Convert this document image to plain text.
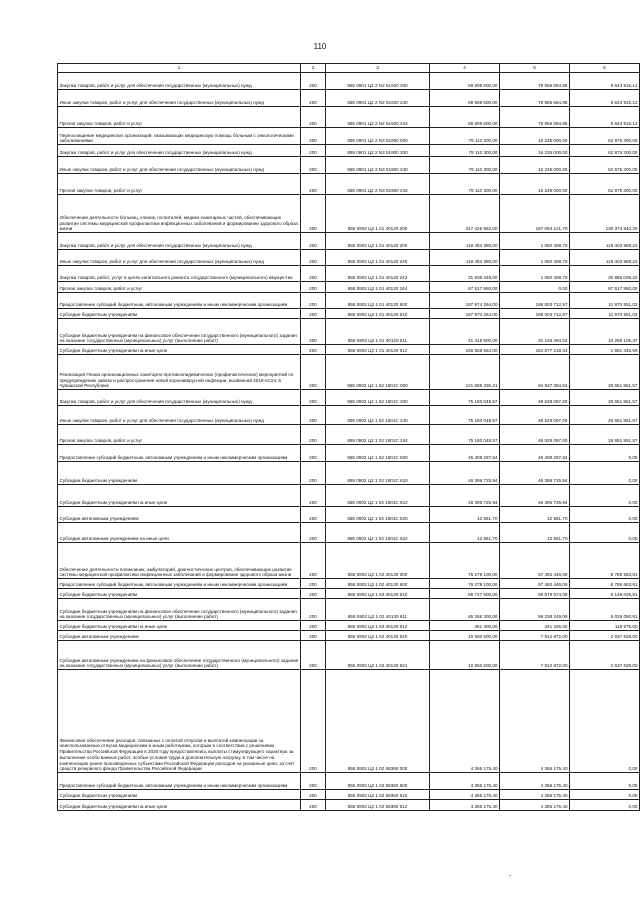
110
1	2	3	4	5	6
Закупка товаров, работ и услуг для обеспечения государственных (муниципальных) нужд	200	855 0901 Ц2 2 N2 51920 200	89 599 600,00	79 955 684,88	9 643 915,12
Иные закупки товаров, работ и услуг для обеспечения государственных (муниципальных) нужд	200	855 0901 Ц2 2 N2 51920 240	89 599 600,00	79 955 684,88	9 643 915,12
Прочая закупка товаров, работ и услуг	200	855 0901 Ц2 2 N2 51920 244	89 599 600,00	79 955 684,88	9 643 915,12
Переоснащение медицинских организаций, оказывающих медицинскую помощь больным с онкологическими заболеваниями	200	855 0901 Ц2 2 N3 51900 000	79 110 300,00	16 235 000,00	62 875 300,00
Закупка товаров, работ и услуг для обеспечения государственных (муниципальных) нужд	200	855 0901 Ц2 2 N3 51900 200	79 110 300,00	16 235 000,00	62 875 300,00
Иные закупки товаров, работ и услуг для обеспечения государственных (муниципальных) нужд	200	855 0901 Ц2 2 N3 51900 240	79 110 300,00	16 235 000,00	62 875 300,00
Прочая закупка товаров, работ и услуг	200	855 0901 Ц2 2 N3 51900 244	79 110 300,00	16 235 000,00	62 875 300,00
Обеспечение деятельности больниц, клиник, госпиталей, медико-санитарных частей, обеспечивающих развитие системы медицинской профилактики инфекционных заболеваний и формирование здорового образа жизни	200	855 0902 Ц2 1 01 40120 000	317 425 662,00	187 054 121,75	130 374 540,25
Закупка товаров, работ и услуг для обеспечения государственных (муниципальных) нужд	200	855 0902 Ц2 1 01 40120 200	119 454 398,00	1 050 408,78	118 403 989,22
Иные закупки товаров, работ и услуг для обеспечения государственных (муниципальных) нужд	200	855 0902 Ц2 1 01 40120 240	119 454 398,00	1 050 408,78	118 403 989,22
Закупка товаров, работ, услуг в целях капитального ремонта государственного (муниципального) имущества	200	855 0902 Ц2 1 01 40120 243	31 936 448,00	1 050 408,78	30 886 039,22
Прочая закупка товаров, работ и услуг	200	855 0902 Ц2 1 01 40120 244	87 517 950,00	0,00	87 517 950,00
Предоставление субсидий бюджетным, автономным учреждениям и иным некоммерческим организациям	200	855 0902 Ц2 1 01 40120 600	197 974 264,00	186 003 712,97	11 970 551,03
Субсидии бюджетным учреждениям	200	855 0902 Ц2 1 01 40120 610	197 974 264,00	186 003 712,97	11 970 551,03
Субсидии бюджетным учреждениям на финансовое обеспечение государственного (муниципального) задания на оказание государственных (муниципальных) услуг (выполнение работ)	200	855 0902 Ц2 1 01 40120 611	41 415 600,00	31 126 494,63	10 289 105,37
Субсидии бюджетным учреждениям на иные цели	200	855 0902 Ц2 1 01 40120 612	156 558 664,00	154 877 218,34	1 681 445,66
Реализация Плана организационных санитарно-противоэпидемических (профилактических) мероприятий по предупреждению завоза и распространения новой коронавирусной инфекции, вызванной 2019-nCoV, в Чувашской Республике	200	855 0902 Ц2 1 02 1601С 000	121 589 336,21	94 937 384,64	26 651 951,57
Закупка товаров, работ и услуг для обеспечения государственных (муниципальных) нужд	200	855 0902 Ц2 1 02 1601С 200	75 180 048,57	48 528 097,00	26 651 951,57
Иные закупки товаров, работ и услуг для обеспечения государственных (муниципальных) нужд	200	855 0902 Ц2 1 02 1601С 240	75 180 048,57	48 528 097,00	26 651 951,57
Прочая закупка товаров, работ и услуг	200	855 0902 Ц2 1 02 1601С 244	75 180 048,57	48 528 097,00	26 651 951,57
Предоставление субсидий бюджетным, автономным учреждениям и иным некоммерческим организациям	200	855 0902 Ц2 1 02 1601С 600	46 409 287,64	46 409 287,64	0,00
Субсидии бюджетным учреждениям	200	855 0902 Ц2 1 02 1601С 610	46 396 725,94	46 396 725,94	0,00
Субсидии бюджетным учреждениям на иные цели	200	855 0902 Ц2 1 02 1601С 612	46 396 725,94	46 396 725,94	0,00
Субсидии автономным учреждениям	200	855 0902 Ц2 1 02 1601С 620	12 561,70	12 561,70	0,00
Субсидии автономным учреждениям на иные цели	200	855 0902 Ц2 1 02 1601С 622	12 561,70	12 561,70	0,00
Обеспечение деятельности поликлиник, амбулаторий, диагностических центров, обеспечивающих развитие системы медицинской профилактики инфекционных заболеваний и формирование здорового образа жизни	200	855 0902 Ц2 1 02 40130 000	76 278 100,00	67 492 446,09	8 785 653,91
Предоставление субсидий бюджетным, автономным учреждениям и иным некоммерческим организациям	200	855 0902 Ц2 1 02 40130 600	76 278 100,00	67 492 446,09	8 785 653,91
Субсидии бюджетным учреждениям	200	855 0902 Ц2 1 02 40130 610	65 727 600,00	59 579 574,09	6 148 025,91
Субсидии бюджетным учреждениям на финансовое обеспечение государственного (муниципального) задания на оказание государственных (муниципальных) услуг (выполнение работ)	200	855 0902 Ц2 1 02 40130 611	65 266 300,00	59 238 249,09	6 028 050,91
Субсидии бюджетным учреждениям на иные цели	200	855 0902 Ц2 1 02 40130 612	461 300,00	341 325,00	119 975,00
Субсидии автономным учреждениям	200	855 0902 Ц2 1 02 40130 620	10 550 500,00	7 912 872,00	2 637 628,00
Субсидии автономным учреждениям на финансовое обеспечение государственного (муниципального) задания на оказание государственных (муниципальных) услуг (выполнение работ)	200	855 0902 Ц2 1 02 40130 621	10 550 500,00	7 912 872,00	2 637 628,00
Финансовое обеспечение расходов, связанных с оплатой отпусков и выплатой компенсации за неиспользованные отпуска медицинским и иным работникам, которым в соответствии с решениями Правительства Российской Федерации в 2020 году предоставлялись выплаты стимулирующего характера за выполнение особо важных работ, особые условия труда и дополнительную нагрузку, в том числе на компенсацию ранее произведенных субъектами Российской Федерации расходов на указанные цели, за счет средств резервного фонда Правительства Российской Федерации	200	855 0902 Ц2 1 02 58360 000	4 366 175,40	4 366 175,40	0,00
Предоставление субсидий бюджетным, автономным учреждениям и иным некоммерческим организациям	200	855 0902 Ц2 1 02 58360 600	4 366 175,40	4 366 175,40	0,00
Субсидии бюджетным учреждениям	200	855 0902 Ц2 1 02 58360 610	4 366 175,40	4 366 175,40	0,00
Субсидии бюджетным учреждениям на иные цели	200	855 0902 Ц2 1 02 58360 612	4 366 175,40	4 366 175,40	0,00
-
